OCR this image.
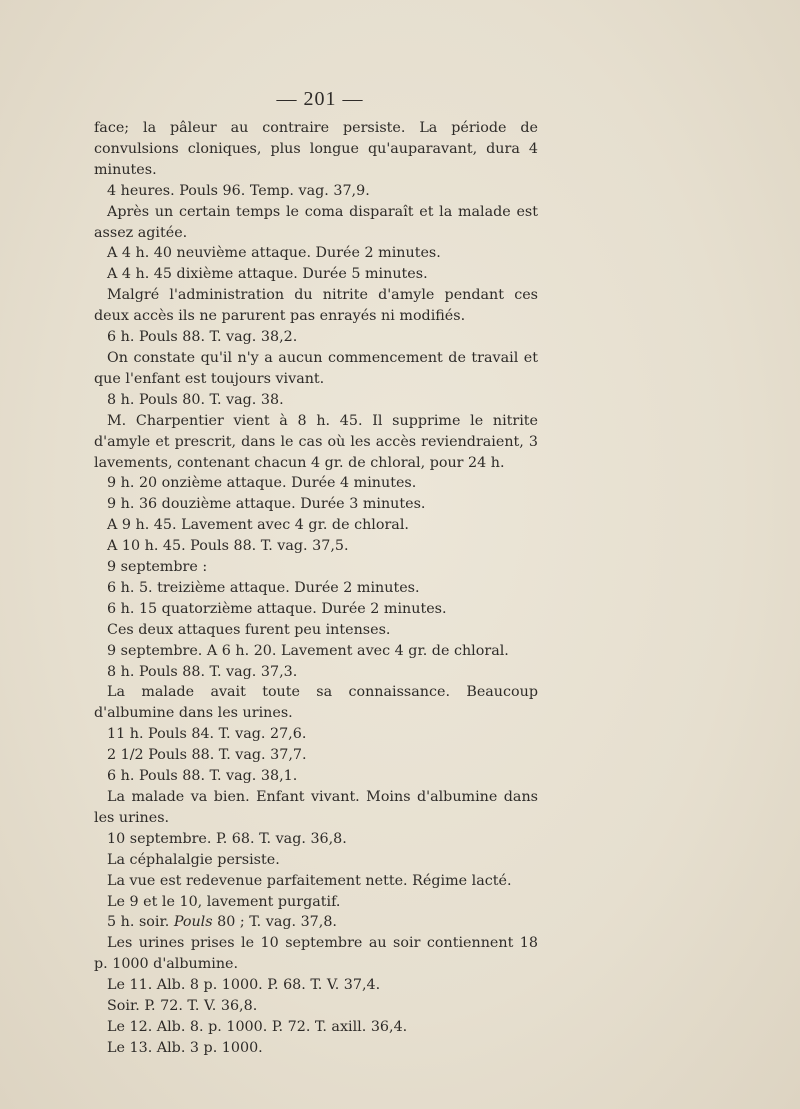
— 201 —

face; la pâleur au contraire persiste. La période de convulsions cloniques, plus longue qu'auparavant, dura 4 minutes.

4 heures. Pouls 96. Temp. vag. 37,9.

Après un certain temps le coma disparaît et la malade est assez agitée.

A 4 h. 40 neuvième attaque. Durée 2 minutes.

A 4 h. 45 dixième attaque. Durée 5 minutes.

Malgré l'administration du nitrite d'amyle pendant ces deux accès ils ne parurent pas enrayés ni modifiés.

6 h. Pouls 88. T. vag. 38,2.

On constate qu'il n'y a aucun commencement de travail et que l'enfant est toujours vivant.

8 h. Pouls 80. T. vag. 38.

M. Charpentier vient à 8 h. 45. Il supprime le nitrite d'amyle et prescrit, dans le cas où les accès reviendraient, 3 lavements, contenant chacun 4 gr. de chloral, pour 24 h.

9 h. 20 onzième attaque. Durée 4 minutes.

9 h. 36 douzième attaque. Durée 3 minutes.

A 9 h. 45. Lavement avec 4 gr. de chloral.

A 10 h. 45. Pouls 88. T. vag. 37,5.

9 septembre :

6 h. 5. treizième attaque. Durée 2 minutes.

6 h. 15 quatorzième attaque. Durée 2 minutes.

Ces deux attaques furent peu intenses.

9 septembre. A 6 h. 20. Lavement avec 4 gr. de chloral.

8 h. Pouls 88. T. vag. 37,3.

La malade avait toute sa connaissance. Beaucoup d'albumine dans les urines.

11 h. Pouls 84. T. vag. 27,6.

2 1/2 Pouls 88. T. vag. 37,7.

6 h. Pouls 88. T. vag. 38,1.

La malade va bien. Enfant vivant. Moins d'albumine dans les urines.

10 septembre. P. 68. T. vag. 36,8.

La céphalalgie persiste.

La vue est redevenue parfaitement nette. Régime lacté.

Le 9 et le 10, lavement purgatif.

5 h. soir. Pouls 80 ; T. vag. 37,8.

Les urines prises le 10 septembre au soir contiennent 18 p. 1000 d'albumine.

Le 11. Alb. 8 p. 1000. P. 68. T. V. 37,4.

Soir. P. 72. T. V. 36,8.

Le 12. Alb. 8. p. 1000. P. 72. T. axill. 36,4.

Le 13. Alb. 3 p. 1000.
